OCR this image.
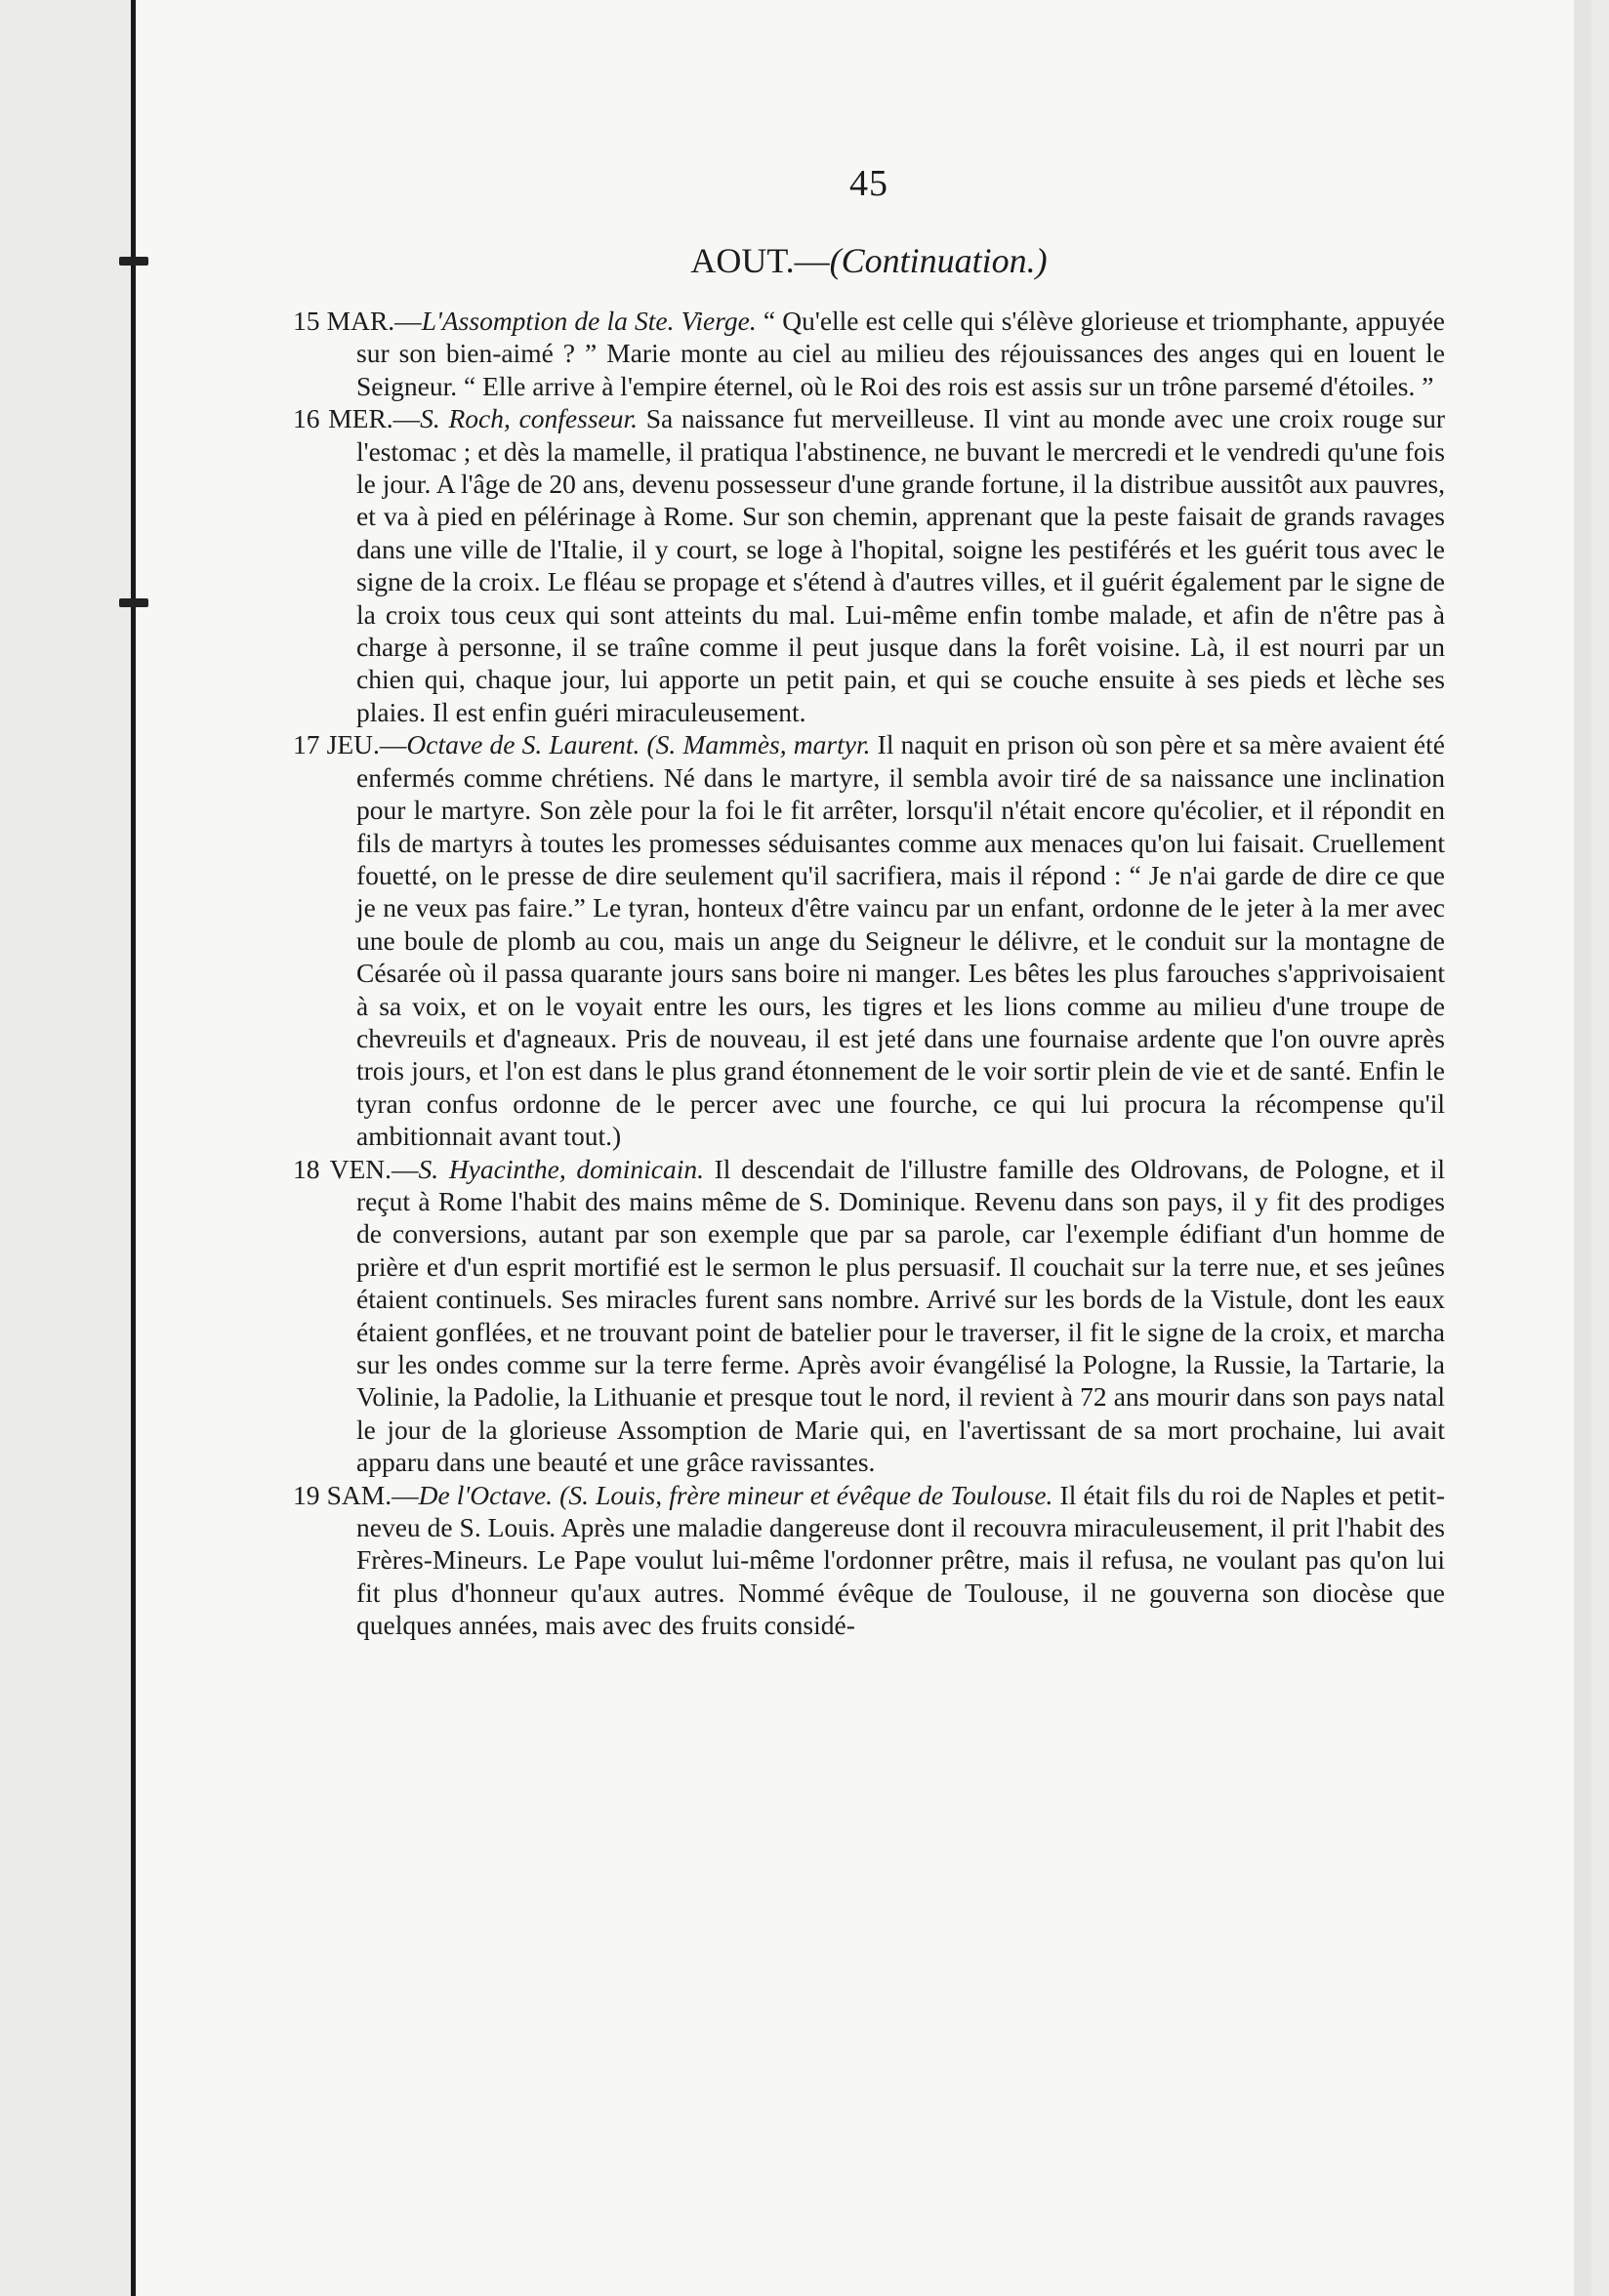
45
AOUT.—(Continuation.)

15 MAR.—L'Assomption de la Ste. Vierge. “ Qu'elle est celle qui s'élève glorieuse et triomphante, appuyée sur son bien-aimé ? ” Marie monte au ciel au milieu des réjouissances des anges qui en louent le Seigneur. “ Elle arrive à l'empire éternel, où le Roi des rois est assis sur un trône parsemé d'étoiles. ”

16 MER.—S. Roch, confesseur. Sa naissance fut merveilleuse. Il vint au monde avec une croix rouge sur l'estomac ; et dès la mamelle, il pratiqua l'abstinence, ne buvant le mercredi et le vendredi qu'une fois le jour. A l'âge de 20 ans, devenu possesseur d'une grande fortune, il la distribue aussitôt aux pauvres, et va à pied en pélérinage à Rome. Sur son chemin, apprenant que la peste faisait de grands ravages dans une ville de l'Italie, il y court, se loge à l'hopital, soigne les pestiférés et les guérit tous avec le signe de la croix. Le fléau se propage et s'étend à d'autres villes, et il guérit également par le signe de la croix tous ceux qui sont atteints du mal. Lui-même enfin tombe malade, et afin de n'être pas à charge à personne, il se traîne comme il peut jusque dans la forêt voisine. Là, il est nourri par un chien qui, chaque jour, lui apporte un petit pain, et qui se couche ensuite à ses pieds et lèche ses plaies. Il est enfin guéri miraculeusement.

17 JEU.—Octave de S. Laurent. (S. Mammès, martyr. Il naquit en prison où son père et sa mère avaient été enfermés comme chrétiens. Né dans le martyre, il sembla avoir tiré de sa naissance une inclination pour le martyre. Son zèle pour la foi le fit arrêter, lorsqu'il n'était encore qu'écolier, et il répondit en fils de martyrs à toutes les promesses séduisantes comme aux menaces qu'on lui faisait. Cruellement fouetté, on le presse de dire seulement qu'il sacrifiera, mais il répond : “ Je n'ai garde de dire ce que je ne veux pas faire.” Le tyran, honteux d'être vaincu par un enfant, ordonne de le jeter à la mer avec une boule de plomb au cou, mais un ange du Seigneur le délivre, et le conduit sur la montagne de Césarée où il passa quarante jours sans boire ni manger. Les bêtes les plus farouches s'apprivoisaient à sa voix, et on le voyait entre les ours, les tigres et les lions comme au milieu d'une troupe de chevreuils et d'agneaux. Pris de nouveau, il est jeté dans une fournaise ardente que l'on ouvre après trois jours, et l'on est dans le plus grand étonnement de le voir sortir plein de vie et de santé. Enfin le tyran confus ordonne de le percer avec une fourche, ce qui lui procura la récompense qu'il ambitionnait avant tout.)

18 VEN.—S. Hyacinthe, dominicain. Il descendait de l'illustre famille des Oldrovans, de Pologne, et il reçut à Rome l'habit des mains même de S. Dominique. Revenu dans son pays, il y fit des prodiges de conversions, autant par son exemple que par sa parole, car l'exemple édifiant d'un homme de prière et d'un esprit mortifié est le sermon le plus persuasif. Il couchait sur la terre nue, et ses jeûnes étaient continuels. Ses miracles furent sans nombre. Arrivé sur les bords de la Vistule, dont les eaux étaient gonflées, et ne trouvant point de batelier pour le traverser, il fit le signe de la croix, et marcha sur les ondes comme sur la terre ferme. Après avoir évangélisé la Pologne, la Russie, la Tartarie, la Volinie, la Padolie, la Lithuanie et presque tout le nord, il revient à 72 ans mourir dans son pays natal le jour de la glorieuse Assomption de Marie qui, en l'avertissant de sa mort prochaine, lui avait apparu dans une beauté et une grâce ravissantes.

19 SAM.—De l'Octave. (S. Louis, frère mineur et évêque de Toulouse. Il était fils du roi de Naples et petit-neveu de S. Louis. Après une maladie dangereuse dont il recouvra miraculeusement, il prit l'habit des Frères-Mineurs. Le Pape voulut lui-même l'ordonner prêtre, mais il refusa, ne voulant pas qu'on lui fit plus d'honneur qu'aux autres. Nommé évêque de Toulouse, il ne gouverna son diocèse que quelques années, mais avec des fruits considé-
